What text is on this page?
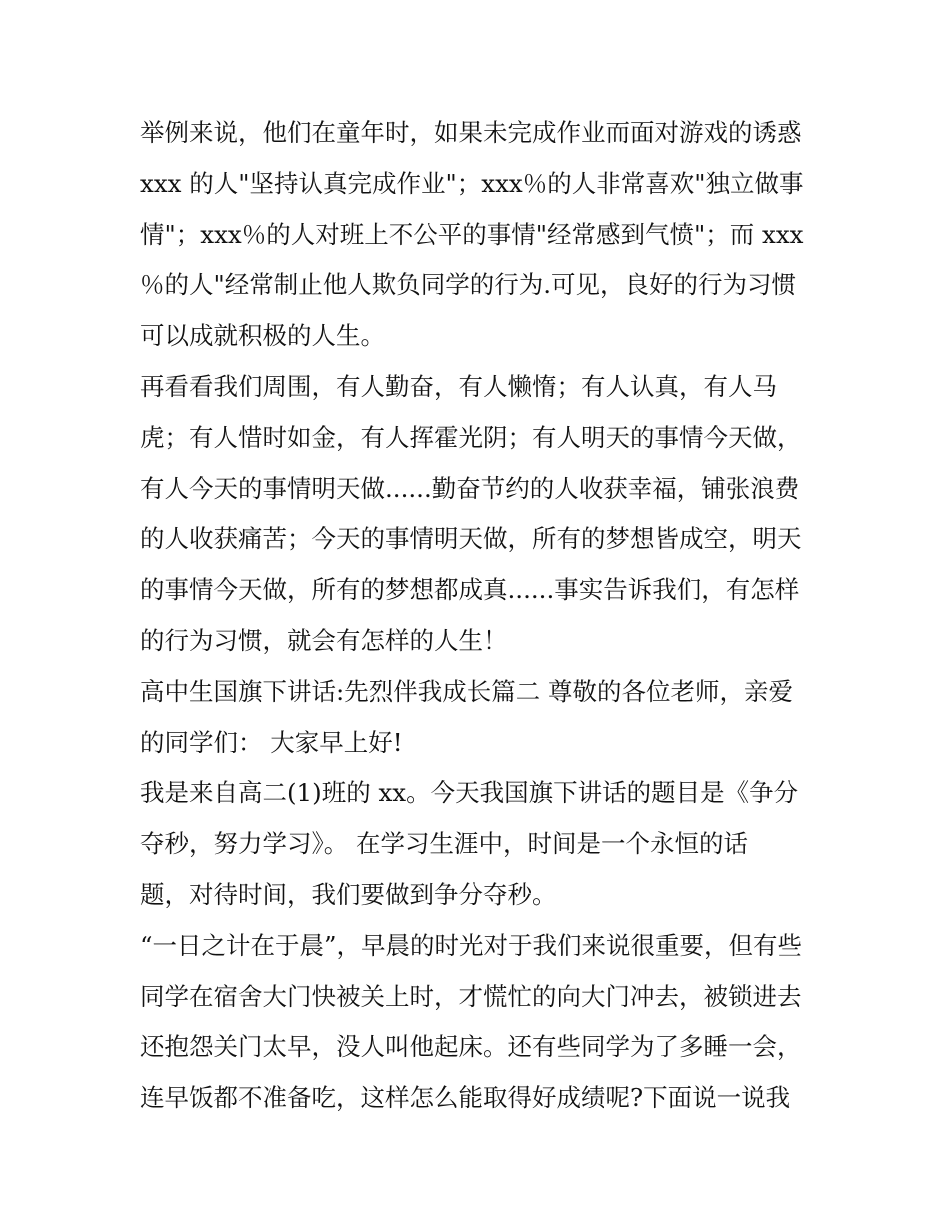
举例来说，他们在童年时，如果未完成作业而面对游戏的诱惑
xxx 的人"坚持认真完成作业"；xxx％的人非常喜欢"独立做事
情"；xxx％的人对班上不公平的事情"经常感到气愤"；而 xxx
％的人"经常制止他人欺负同学的行为.可见，良好的行为习惯
可以成就积极的人生。
再看看我们周围，有人勤奋，有人懒惰；有人认真，有人马
虎；有人惜时如金，有人挥霍光阴；有人明天的事情今天做，
有人今天的事情明天做......勤奋节约的人收获幸福，铺张浪费
的人收获痛苦；今天的事情明天做，所有的梦想皆成空，明天
的事情今天做，所有的梦想都成真......事实告诉我们，有怎样
的行为习惯，就会有怎样的人生！
高中生国旗下讲话:先烈伴我成长篇二 尊敬的各位老师，亲爱
的同学们： 大家早上好!
我是来自高二(1)班的 xx。今天我国旗下讲话的题目是《争分
夺秒，努力学习》。 在学习生涯中，时间是一个永恒的话
题，对待时间，我们要做到争分夺秒。
“一日之计在于晨”，早晨的时光对于我们来说很重要，但有些
同学在宿舍大门快被关上时，才慌忙的向大门冲去，被锁进去
还抱怨关门太早，没人叫他起床。还有些同学为了多睡一会，
连早饭都不准备吃，这样怎么能取得好成绩呢?下面说一说我
